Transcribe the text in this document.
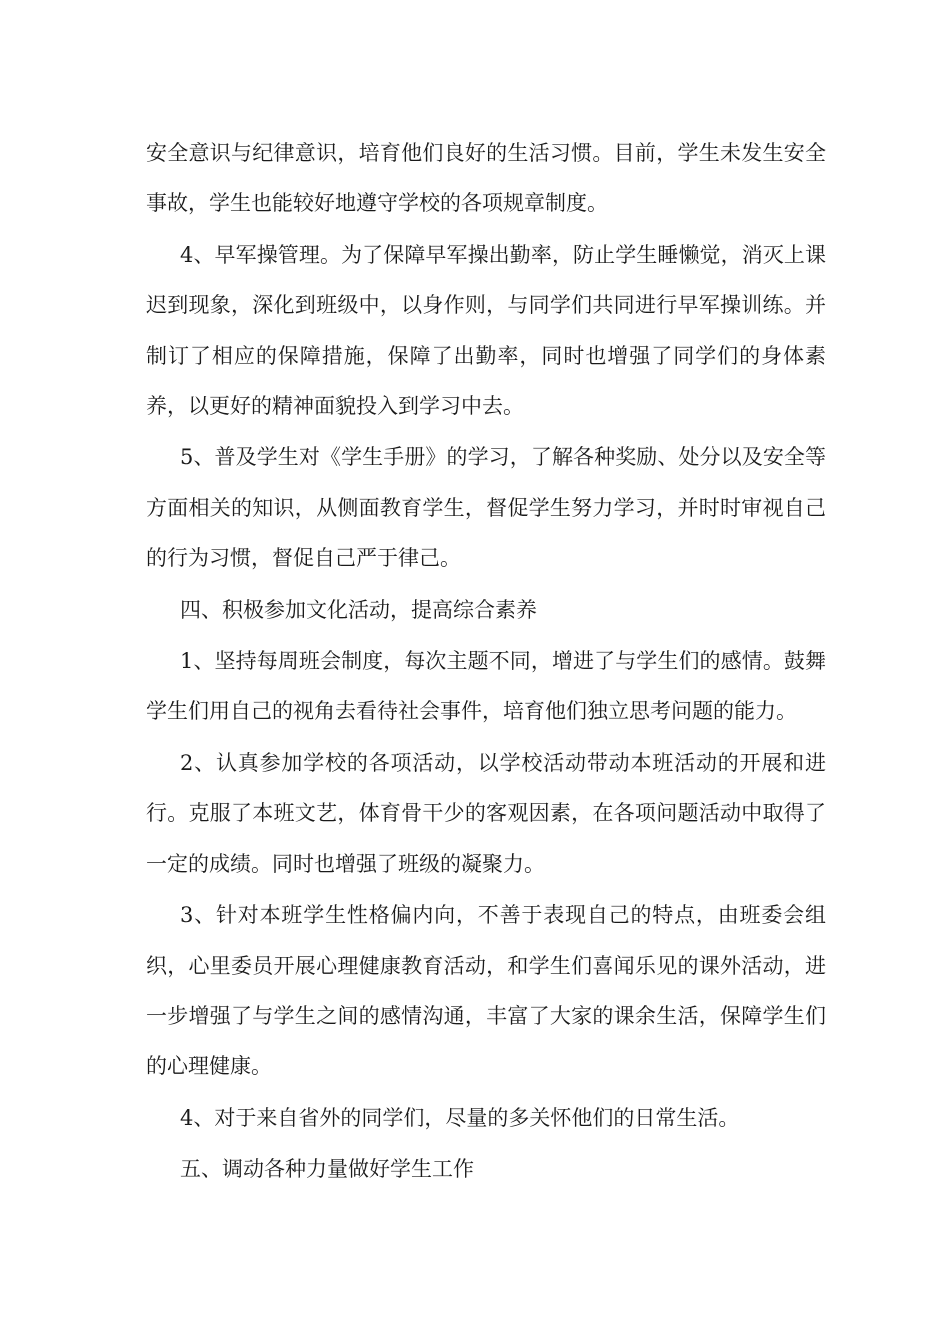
安全意识与纪律意识，培育他们良好的生活习惯。目前，学生未发生安全事故，学生也能较好地遵守学校的各项规章制度。

4、早军操管理。为了保障早军操出勤率，防止学生睡懒觉，消灭上课迟到现象，深化到班级中，以身作则，与同学们共同进行早军操训练。并制订了相应的保障措施，保障了出勤率，同时也增强了同学们的身体素养，以更好的精神面貌投入到学习中去。

5、普及学生对《学生手册》的学习，了解各种奖励、处分以及安全等方面相关的知识，从侧面教育学生，督促学生努力学习，并时时审视自己的行为习惯，督促自己严于律己。

四、积极参加文化活动，提高综合素养

1、坚持每周班会制度，每次主题不同，增进了与学生们的感情。鼓舞学生们用自己的视角去看待社会事件，培育他们独立思考问题的能力。

2、认真参加学校的各项活动，以学校活动带动本班活动的开展和进行。克服了本班文艺，体育骨干少的客观因素，在各项问题活动中取得了一定的成绩。同时也增强了班级的凝聚力。

3、针对本班学生性格偏内向，不善于表现自己的特点，由班委会组织，心里委员开展心理健康教育活动，和学生们喜闻乐见的课外活动，进一步增强了与学生之间的感情沟通，丰富了大家的课余生活，保障学生们的心理健康。

4、对于来自省外的同学们，尽量的多关怀他们的日常生活。

五、调动各种力量做好学生工作
